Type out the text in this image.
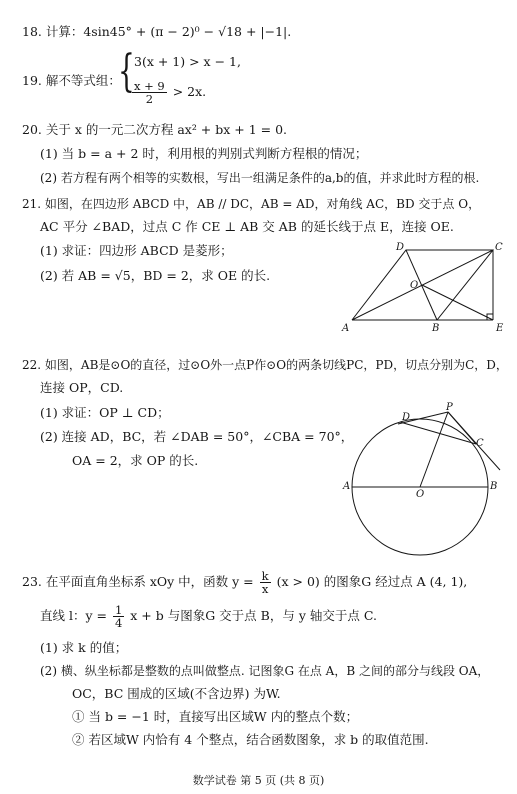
18. 计算：4sin45° + (π − 2)⁰ − √18 + |−1|.
19. 解不等式组：
{ 3(x + 1) > x − 1,
$\frac{x + 9}{2} > 2x$.
20. 关于 x 的一元二次方程 ax² + bx + 1 = 0.
(1) 当 b = a + 2 时，利用根的判别式判断方程根的情况；
(2) 若方程有两个相等的实数根，写出一组满足条件的a,b的值，并求此时方程的根.
21. 如图，在四边形 ABCD 中，AB // DC，AB = AD，对角线 AC，BD 交于点 O，
AC 平分 ∠BAD，过点 C 作 CE ⊥ AB 交 AB 的延长线于点 E，连接 OE.
(1) 求证：四边形 ABCD 是菱形；
(2) 若 AB = √5，BD = 2，求 OE 的长.
A	B
C
D
E
O
22. 如图，AB是⊙O的直径，过⊙O外一点P作⊙O的两条切线PC，PD，切点分别为C，D，
连接 OP，CD.
(1) 求证：OP ⊥ CD；
(2) 连接 AD，BC，若 ∠DAB = 50°，∠CBA = 70°，
OA = 2，求 OP 的长.
A	B
C
D
O
P
23. 在平面直角坐标系 xOy 中，函数 $y = \frac{k}{x} (x > 0)$ 的图象G 经过点 A (4, 1),
直线 l：$y = \frac{1}{4}$ x + b 与图象G 交于点 B，与 y 轴交于点 C.
(1) 求 k 的值；
(2) 横、纵坐标都是整数的点叫做整点. 记图象G 在点 A，B 之间的部分与线段 OA，
OC，BC 围成的区域(不含边界) 为W.
① 当 b = −1 时，直接写出区域W 内的整点个数；
② 若区域W 内恰有 4 个整点，结合函数图象，求 b 的取值范围.
数学试卷 第 5 页 (共 8 页)
